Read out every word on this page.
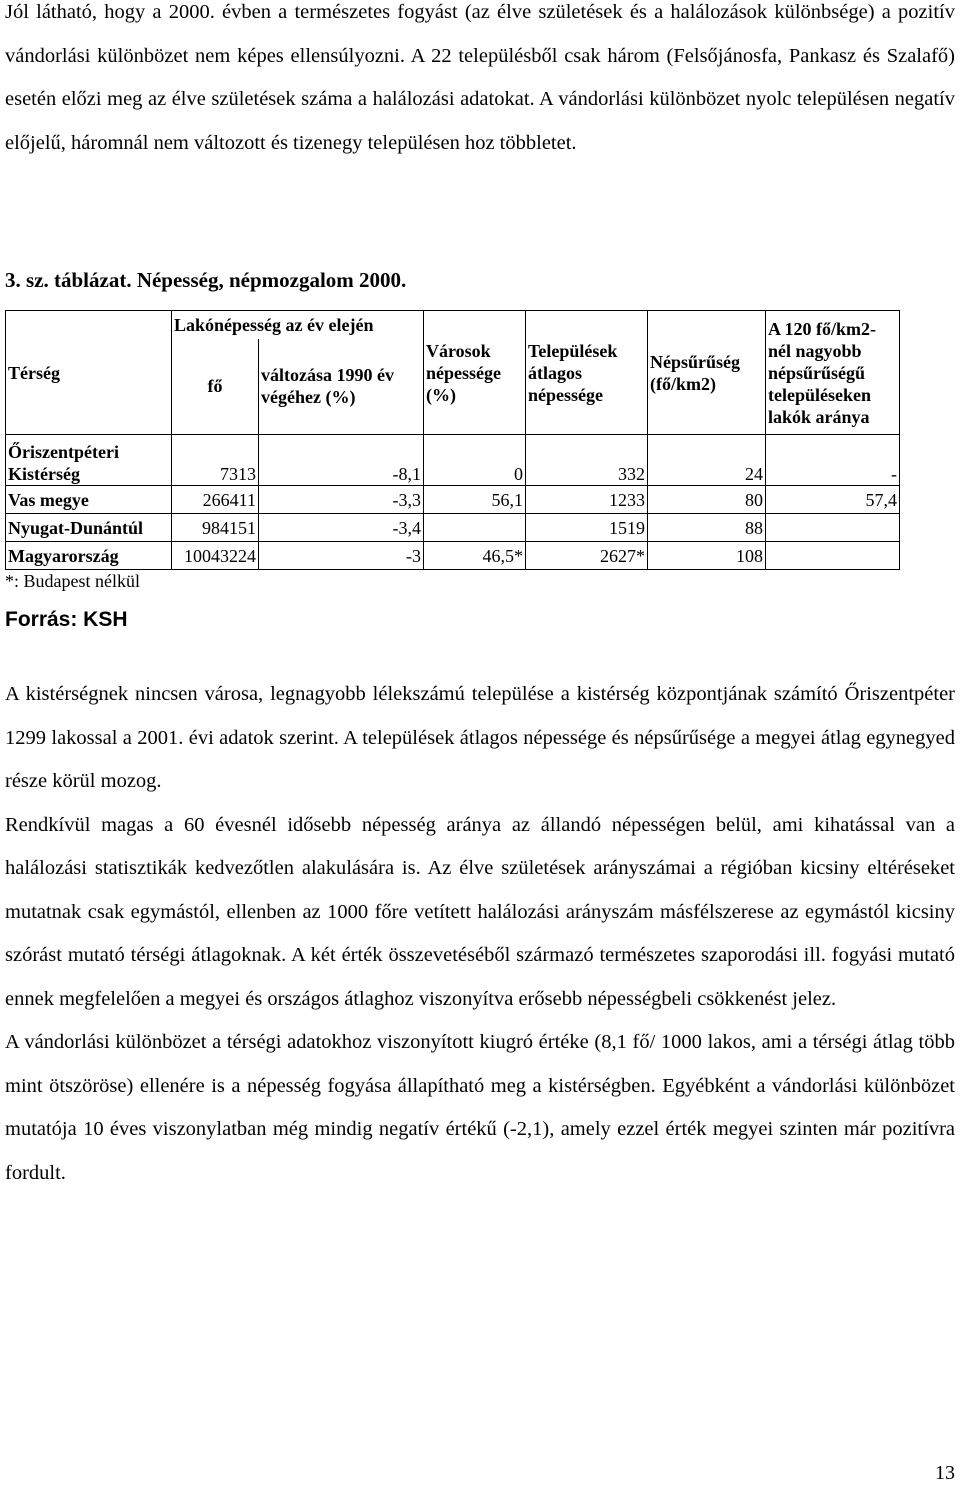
Jól látható, hogy a 2000. évben a természetes fogyást (az élve születések és a halálozások különbsége) a pozitív vándorlási különbözet nem képes ellensúlyozni. A 22 településből csak három (Felsőjánosfa, Pankasz és Szalafő) esetén előzi meg az élve születések száma a halálozási adatokat. A vándorlási különbözet nyolc településen negatív előjelű, háromnál nem változott és tizenegy településen hoz többletet.

3. sz. táblázat. Népesség, népmozgalom 2000.

Térség	Lakónépesség az év elején		Városok népessége (%)	Települések átlagos népessége	Népsűrűség (fő/km2)	A 120 fő/km2-nél nagyobb népsűrűségű településeken lakók aránya
	fő	változása 1990 év végéhez (%)				
Őriszentpéteri Kistérség	7313	-8,1	0	332	24	-
Vas megye	266411	-3,3	56,1	1233	80	57,4
Nyugat-Dunántúl	984151	-3,4		1519	88	
Magyarország	10043224	-3	46,5*	2627*	108	

*: Budapest nélkül

Forrás: KSH

A kistérségnek nincsen városa, legnagyobb lélekszámú települése a kistérség központjának számító Őriszentpéter 1299 lakossal a 2001. évi adatok szerint. A települések átlagos népessége és népsűrűsége a megyei átlag egynegyed része körül mozog.

Rendkívül magas a 60 évesnél idősebb népesség aránya az állandó népességen belül, ami kihatással van a halálozási statisztikák kedvezőtlen alakulására is. Az élve születések arányszámai a régióban kicsiny eltéréseket mutatnak csak egymástól, ellenben az 1000 főre vetített halálozási arányszám másfélszerese az egymástól kicsiny szórást mutató térségi átlagoknak. A két érték összevetéséből származó természetes szaporodási ill. fogyási mutató ennek megfelelően a megyei és országos átlaghoz viszonyítva erősebb népességbeli csökkenést jelez.

A vándorlási különbözet a térségi adatokhoz viszonyított kiugró értéke (8,1 fő/ 1000 lakos, ami a térségi átlag több mint ötszöröse) ellenére is a népesség fogyása állapítható meg a kistérségben. Egyébként a vándorlási különbözet mutatója 10 éves viszonylatban még mindig negatív értékű (-2,1), amely ezzel érték megyei szinten már pozitívra fordult.

13
